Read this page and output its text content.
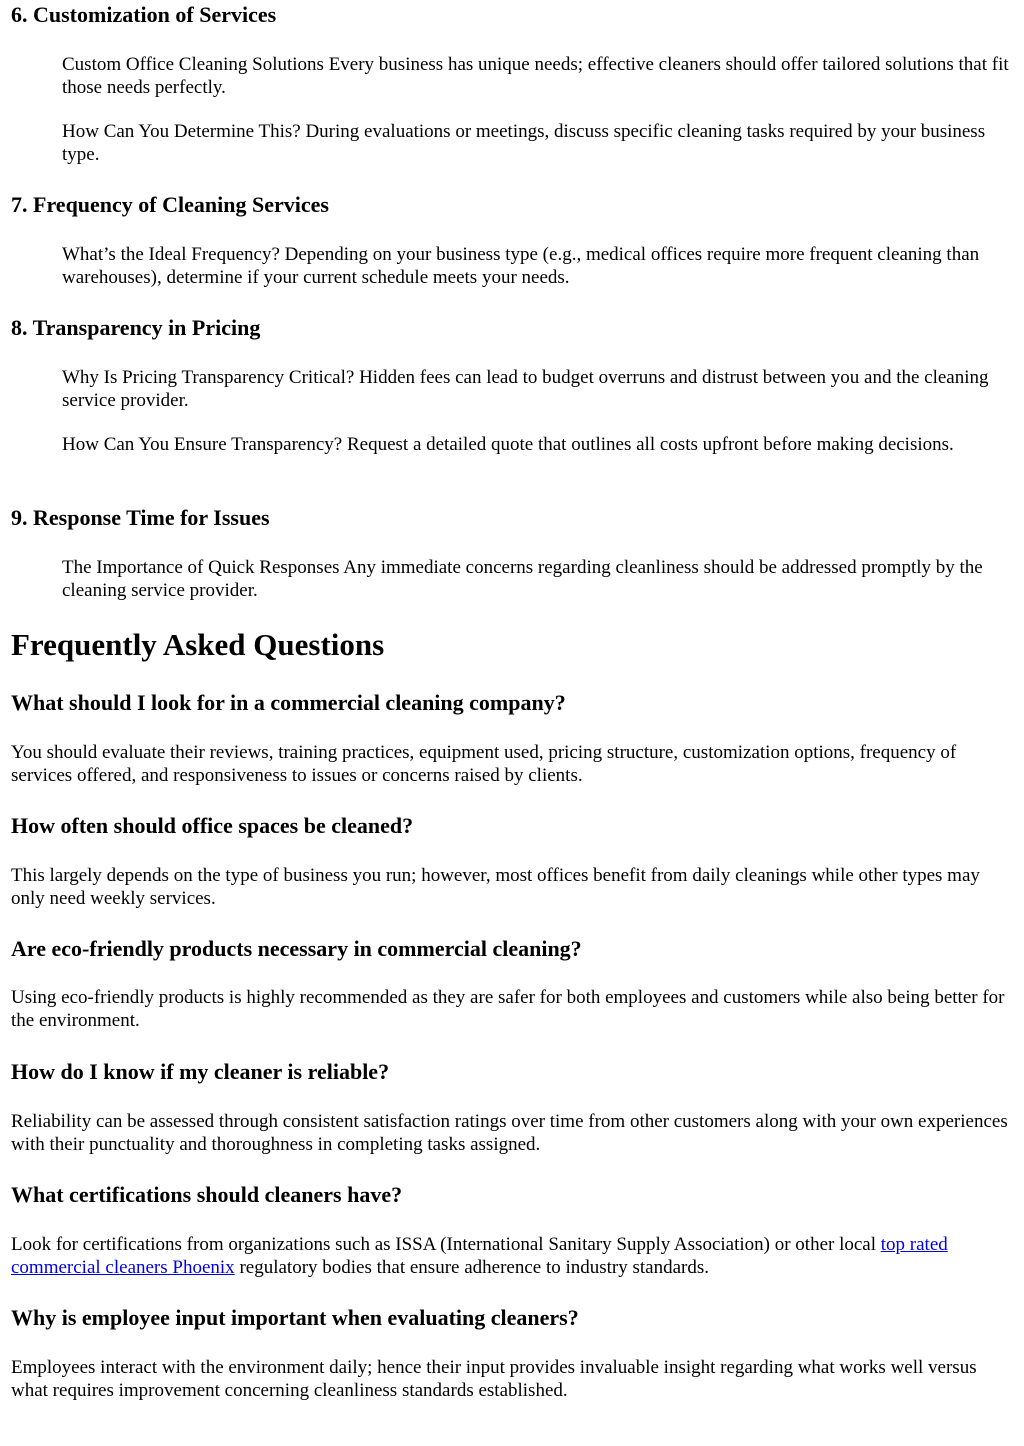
6. Customization of Services

Custom Office Cleaning Solutions Every business has unique needs; effective cleaners should offer tailored solutions that fit those needs perfectly.

How Can You Determine This? During evaluations or meetings, discuss specific cleaning tasks required by your business type.

7. Frequency of Cleaning Services

What’s the Ideal Frequency? Depending on your business type (e.g., medical offices require more frequent cleaning than warehouses), determine if your current schedule meets your needs.

8. Transparency in Pricing

Why Is Pricing Transparency Critical? Hidden fees can lead to budget overruns and distrust between you and the cleaning service provider.

How Can You Ensure Transparency? Request a detailed quote that outlines all costs upfront before making decisions.

9. Response Time for Issues

The Importance of Quick Responses Any immediate concerns regarding cleanliness should be addressed promptly by the cleaning service provider.

Frequently Asked Questions
What should I look for in a commercial cleaning company?

You should evaluate their reviews, training practices, equipment used, pricing structure, customization options, frequency of services offered, and responsiveness to issues or concerns raised by clients.

How often should office spaces be cleaned?

This largely depends on the type of business you run; however, most offices benefit from daily cleanings while other types may only need weekly services.

Are eco-friendly products necessary in commercial cleaning?

Using eco-friendly products is highly recommended as they are safer for both employees and customers while also being better for the environment.

How do I know if my cleaner is reliable?

Reliability can be assessed through consistent satisfaction ratings over time from other customers along with your own experiences with their punctuality and thoroughness in completing tasks assigned.

What certifications should cleaners have?

Look for certifications from organizations such as ISSA (International Sanitary Supply Association) or other local top rated commercial cleaners Phoenix regulatory bodies that ensure adherence to industry standards.

Why is employee input important when evaluating cleaners?

Employees interact with the environment daily; hence their input provides invaluable insight regarding what works well versus what requires improvement concerning cleanliness standards established.
